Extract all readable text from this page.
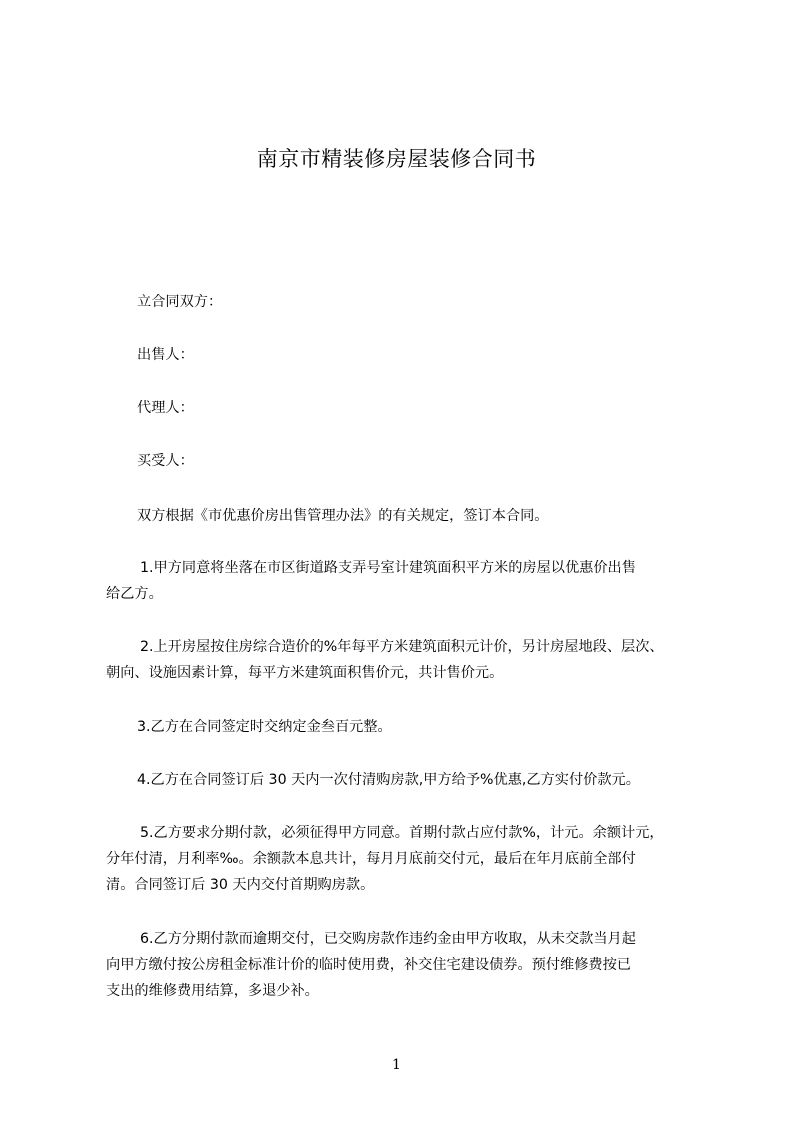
南京市精装修房屋装修合同书
立合同双方：
出售人：
代理人：
买受人：
双方根据《市优惠价房出售管理办法》的有关规定，签订本合同。
1.甲方同意将坐落在市区街道路支弄号室计建筑面积平方米的房屋以优惠价出售
给乙方。
2.上开房屋按住房综合造价的%年每平方米建筑面积元计价，另计房屋地段、层次、
朝向、设施因素计算，每平方米建筑面积售价元，共计售价元。
3.乙方在合同签定时交纳定金叁百元整。
4.乙方在合同签订后 30 天内一次付清购房款,甲方给予%优惠,乙方实付价款元。
5.乙方要求分期付款，必须征得甲方同意。首期付款占应付款%，计元。余额计元，
分年付清，月利率‰。余额款本息共计，每月月底前交付元，最后在年月底前全部付
清。合同签订后 30 天内交付首期购房款。
6.乙方分期付款而逾期交付，已交购房款作违约金由甲方收取，从未交款当月起
向甲方缴付按公房租金标准计价的临时使用费，补交住宅建设债券。预付维修费按已
支出的维修费用结算，多退少补。
1
